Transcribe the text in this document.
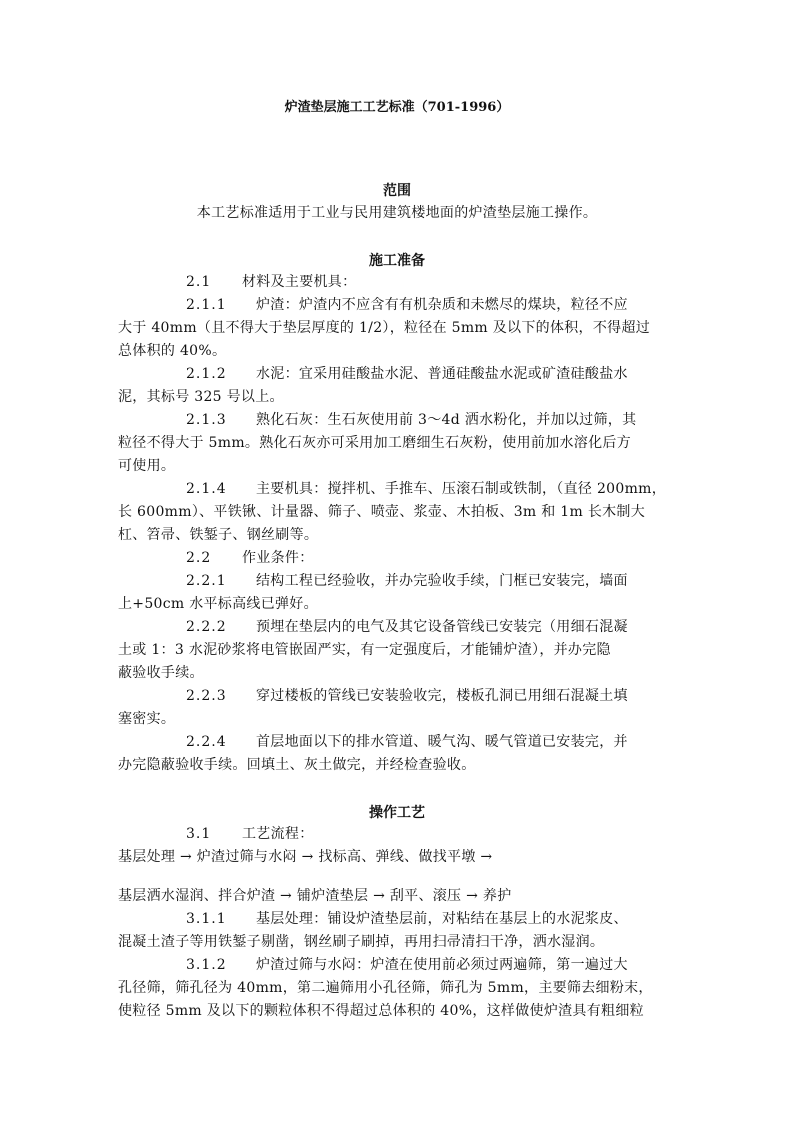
炉渣垫层施工工艺标准（701-1996）
范围
本工艺标准适用于工业与民用建筑楼地面的炉渣垫层施工操作。
施工准备
2.1 材料及主要机具：
2.1.1 炉渣：炉渣内不应含有有机杂质和未燃尽的煤块，粒径不应
大于 40mm（且不得大于垫层厚度的 1/2），粒径在 5mm 及以下的体积，不得超过
总体积的 40%。
2.1.2 水泥：宜采用硅酸盐水泥、普通硅酸盐水泥或矿渣硅酸盐水
泥，其标号 325 号以上。
2.1.3 熟化石灰：生石灰使用前 3～4d 洒水粉化，并加以过筛，其
粒径不得大于 5mm。熟化石灰亦可采用加工磨细生石灰粉，使用前加水溶化后方
可使用。
2.1.4 主要机具：搅拌机、手推车、压滚石制或铁制，（直径 200mm，
长 600mm）、平铁锹、计量器、筛子、喷壶、浆壶、木拍板、3m 和 1m 长木制大
杠、笤帚、铁錾子、钢丝刷等。
2.2 作业条件：
2.2.1 结构工程已经验收，并办完验收手续，门框已安装完，墙面
上+50cm 水平标高线已弹好。
2.2.2 预埋在垫层内的电气及其它设备管线已安装完（用细石混凝
土或 1：3 水泥砂浆将电管嵌固严实，有一定强度后，才能铺炉渣），并办完隐
蔽验收手续。
2.2.3 穿过楼板的管线已安装验收完，楼板孔洞已用细石混凝土填
塞密实。
2.2.4 首层地面以下的排水管道、暖气沟、暖气管道已安装完，并
办完隐蔽验收手续。回填土、灰土做完，并经检查验收。
操作工艺
3.1 工艺流程：
基层处理 → 炉渣过筛与水闷 → 找标高、弹线、做找平墩 →
基层洒水湿润、拌合炉渣 → 铺炉渣垫层 → 刮平、滚压 → 养护
3.1.1 基层处理：铺设炉渣垫层前，对粘结在基层上的水泥浆皮、
混凝土渣子等用铁錾子剔凿，钢丝刷子刷掉，再用扫帚清扫干净，洒水湿润。
3.1.2 炉渣过筛与水闷：炉渣在使用前必须过两遍筛，第一遍过大
孔径筛，筛孔径为 40mm，第二遍筛用小孔径筛，筛孔为 5mm，主要筛去细粉末，
使粒径 5mm 及以下的颗粒体积不得超过总体积的 40%，这样做使炉渣具有粗细粒
